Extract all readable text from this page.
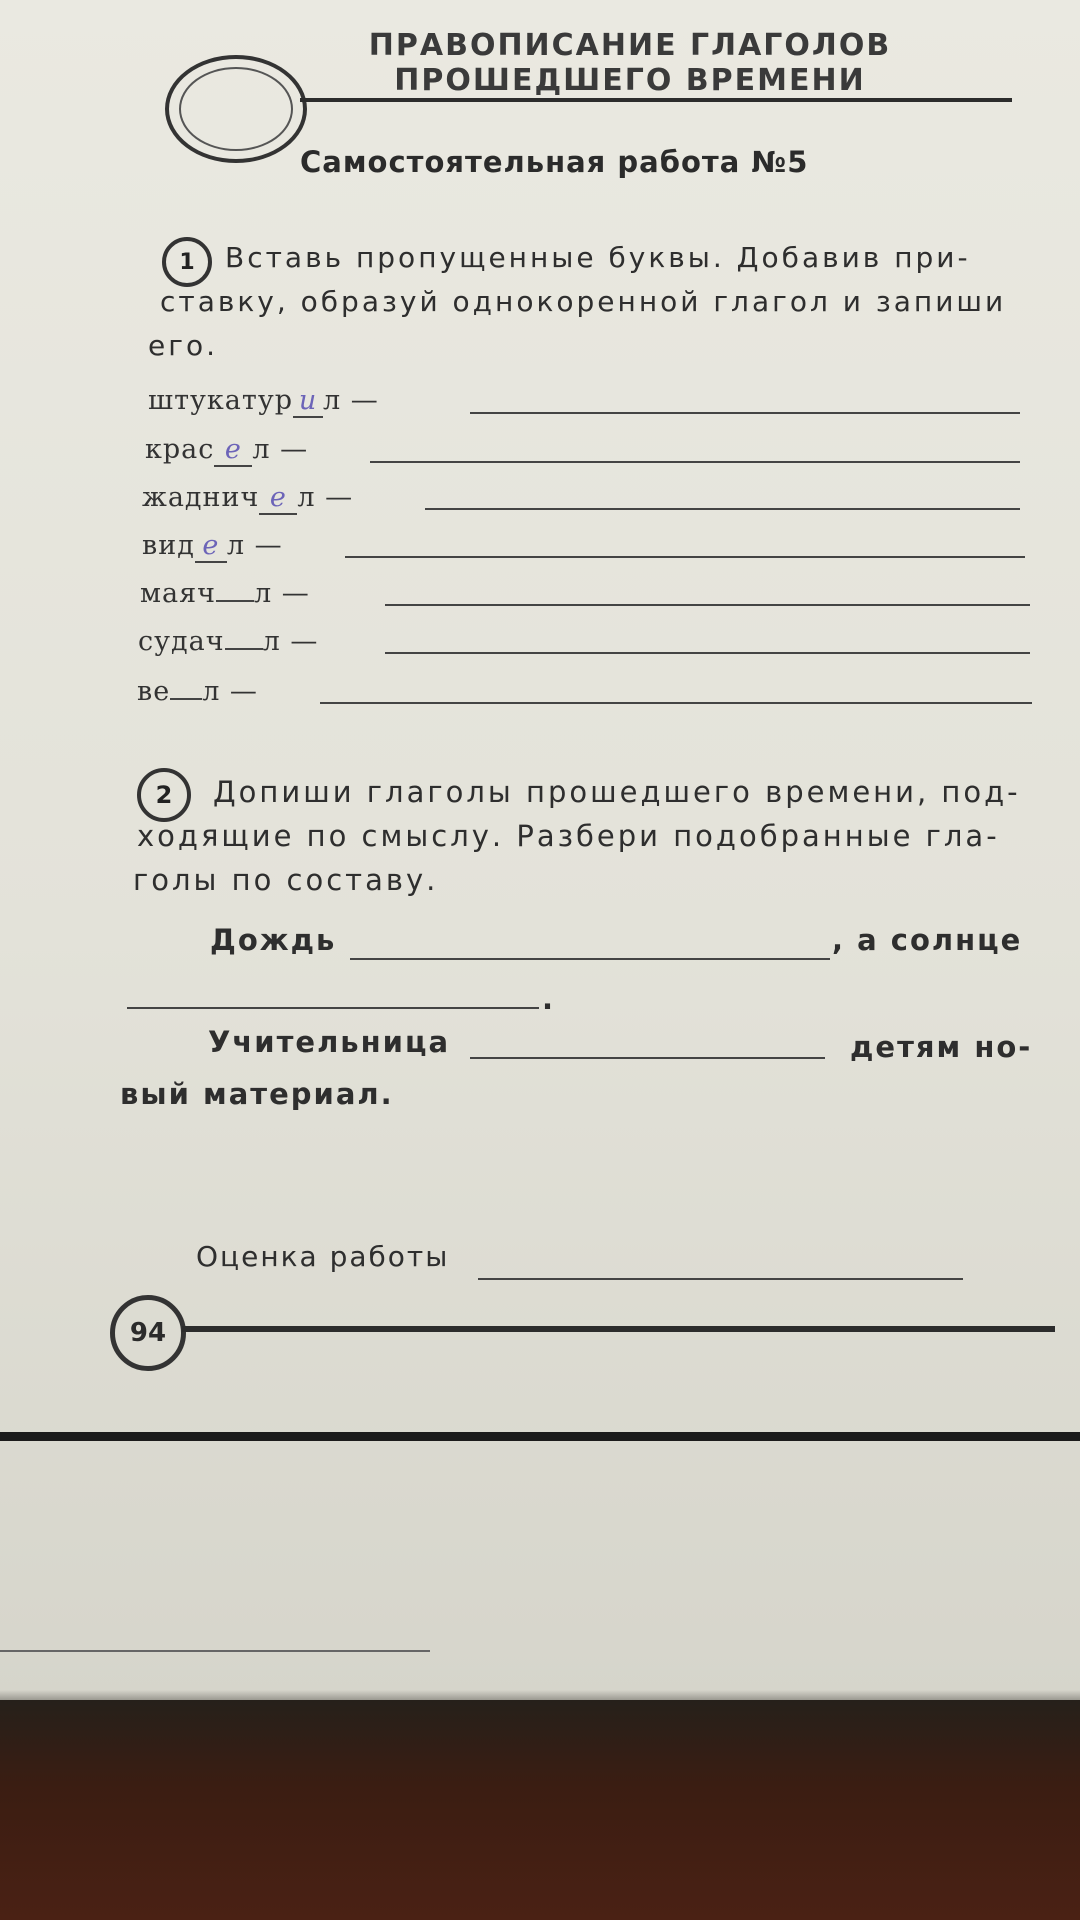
ПРАВОПИСАНИЕ ГЛАГОЛОВ
ПРОШЕДШЕГО ВРЕМЕНИ
Самостоятельная работа №5
1	Вставь пропущенные буквы. Добавив при-
ставку, образуй однокоренной глагол и запиши
его.
штукатур и л —
крас е л —
жаднич е л —
вид е л —
маяч л —
судач л —
ве л —
2	Допиши глаголы прошедшего времени, под-
ходящие по смыслу. Разбери подобранные гла-
голы по составу.
Дождь	, а солнце
.
Учительница	детям но-
вый материал.
Оценка работы
94
